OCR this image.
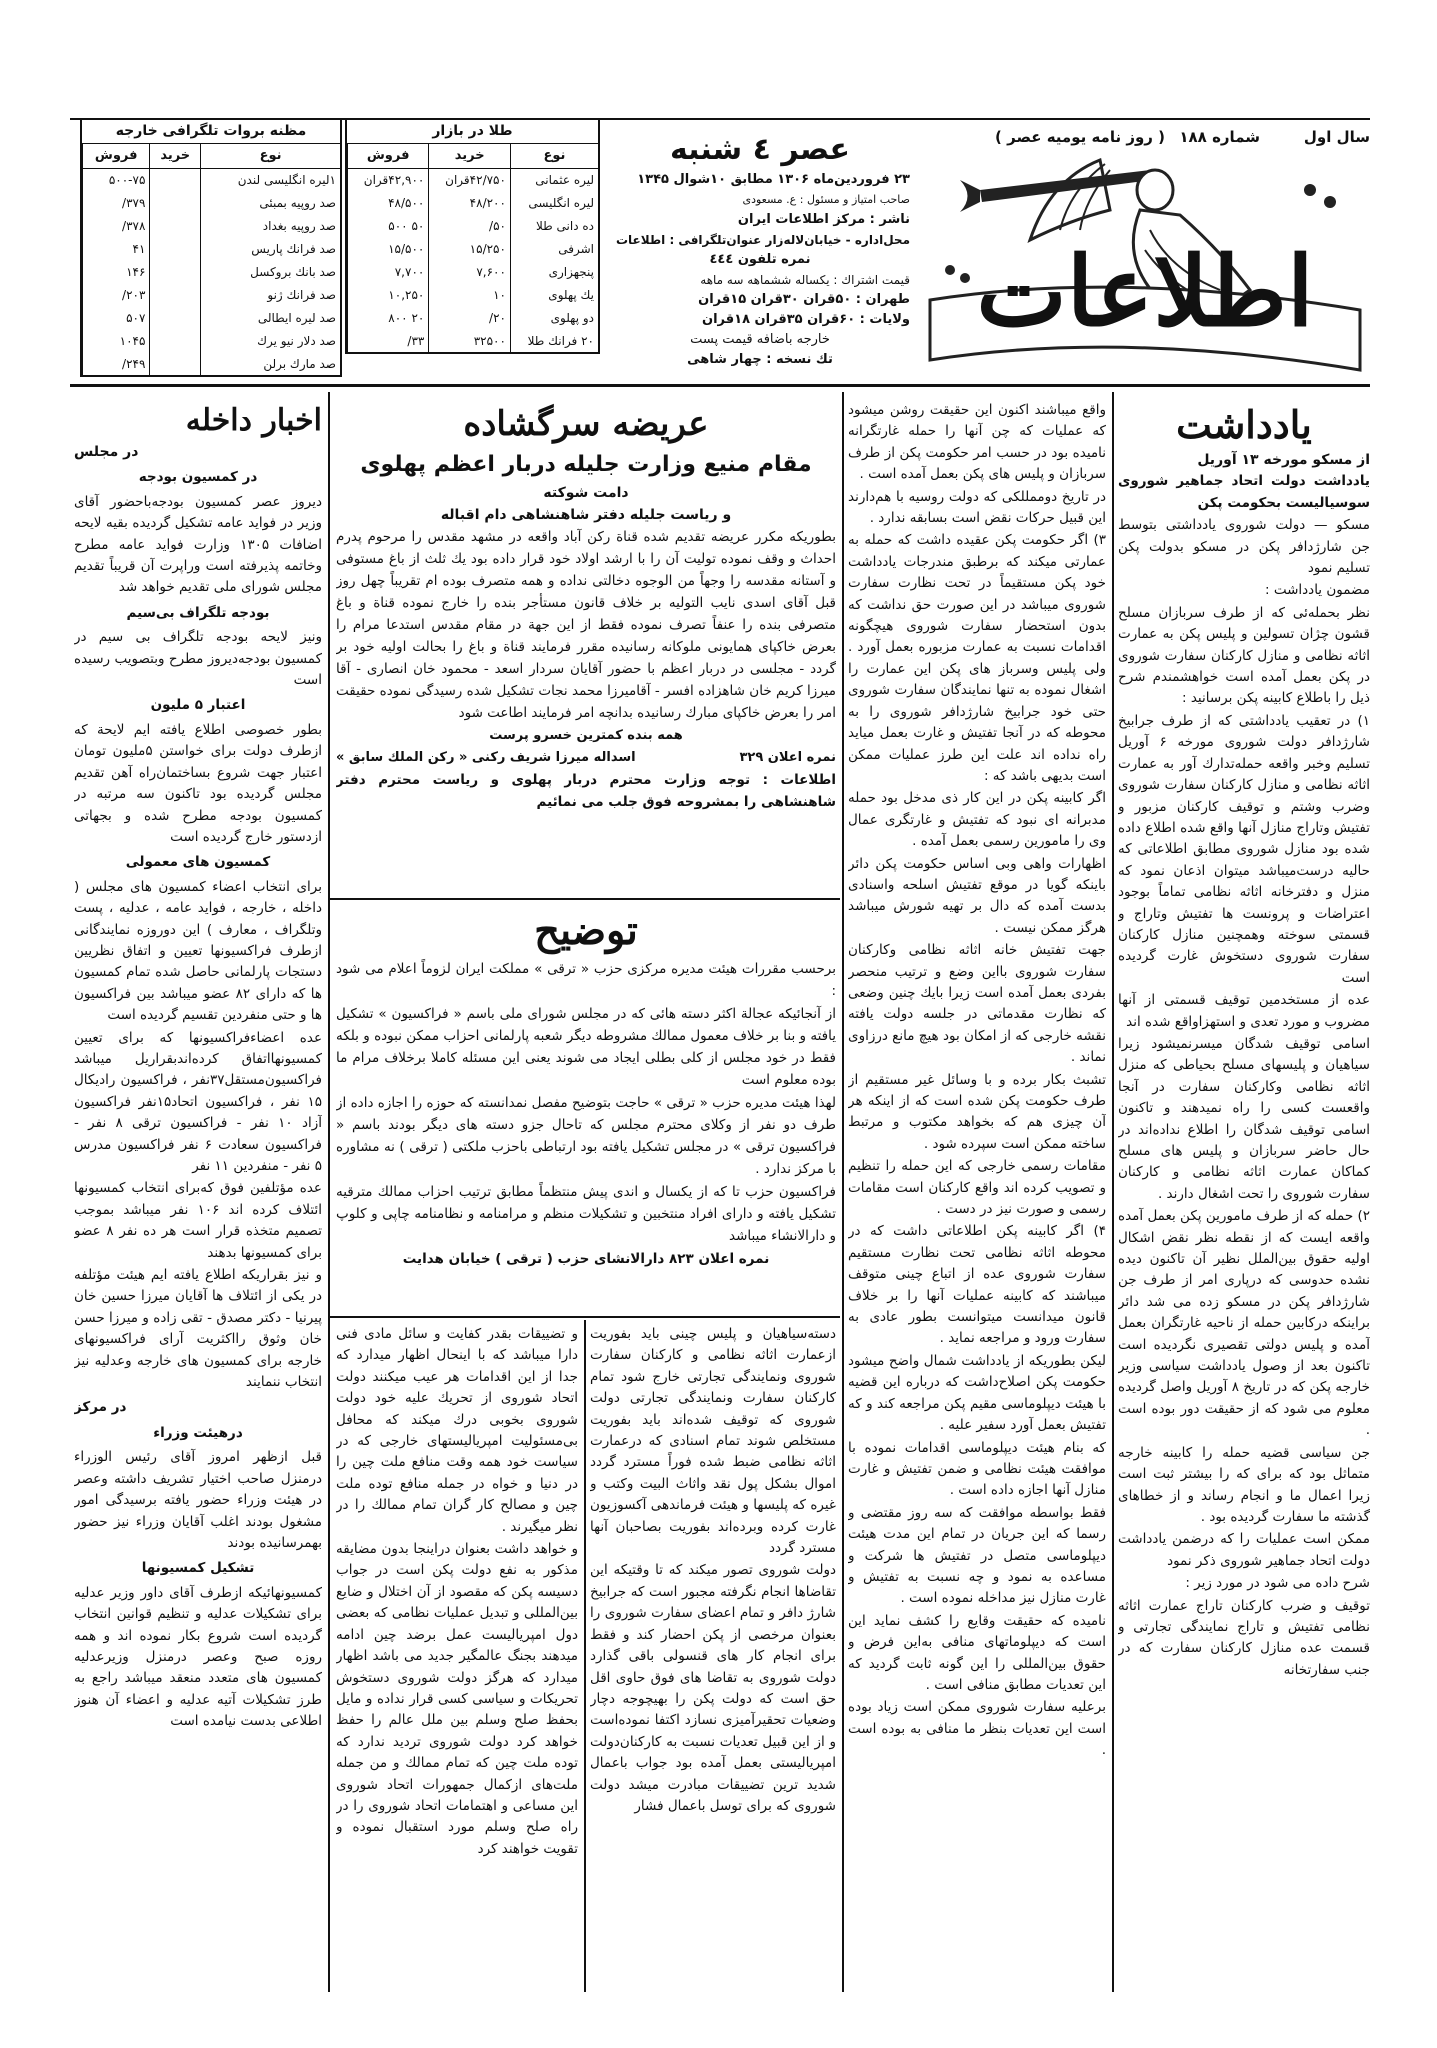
سال اول
شماره ۱۸۸
( روز نامه يوميه عصر )
اطلاعات
عصر ٤ شنبه
۲۳ فروردين‌ماه ۱۳۰۶ مطابق ۱۰شوال ۱۳۴۵
صاحب امتياز و مسئول : ع. مسعودی
ناشر : مركز اطلاعات ايران
محل‌اداره - خيابان‌لاله‌زار عنوان‌تلگرافی : اطلاعات
نمره تلفون ٤٤٤
قيمت اشتراك : يكساله ششماهه سه ماهه
طهران : ۵۰قران ۳۰قران ۱۵قران
ولايات : ۶۰قران ۳۵قران ۱۸قران
خارجه باضافه قيمت پست
تك نسخه : چهار شاهی
طلا در بازار
نوع	خريد	فروش
ليره عثمانی	۴۲/۷۵۰قران	۴۲,۹۰۰قران
ليره انگليسی	۴۸/۲۰۰	۴۸/۵۰۰
ده دانی طلا	۵۰/	۵۰ ۵۰۰
اشرفی	۱۵/۲۵۰	۱۵/۵۰۰
پنجهزاری	۷,۶۰۰	۷,۷۰۰
يك پهلوی	۱۰	۱۰,۲۵۰
دو پهلوی	۲۰/	۲۰ ۸۰۰
۲۰ فرانك طلا	۳۲۵۰۰	۳۳/
مظنه بروات تلگرافی خارجه
نوع	خريد	فروش
۱ليره انگليسی لندن		۵۰۰-۷۵
صد روپيه بمبئی		۳۷۹/
صد روپيه بغداد		۳۷۸/
صد فرانك پاريس		۴۱
صد بانك بروكسل		۱۴۶
صد فرانك ژنو		۲۰۳/
صد ليره ايطالی		۵۰۷
صد دلار نيو يرك		۱۰۴۵
صد مارك برلن		۲۴۹/
يادداشت
از مسكو مورخه ۱۳ آوريل

يادداشت دولت اتحاد جماهير شوروی سوسياليست بحكومت پكن

مسكو — دولت شوروی يادداشتی بتوسط جن شارژدافر پكن در مسكو بدولت پكن تسليم نمود

مضمون يادداشت :

نظر بحمله‌ئی كه از طرف سربازان مسلح قشون چژان تسولين و پليس پكن به عمارت اثاثه نظامی و منازل كاركنان سفارت شوروی در پكن بعمل آمده است خواهشمندم شرح ذيل را باطلاع كابينه پكن برسانيد :

۱) در تعقيب يادداشتی كه از طرف جرابيخ شارژدافر دولت شوروی مورخه ۶ آوريل تسليم وخبر واقعه حمله‌تدارك آور به عمارت اثاثه نظامی و منازل كاركنان سفارت شوروی وضرب وشتم و توقيف كاركنان مزبور و تفتيش وتاراج منازل آنها واقع شده اطلاع داده شده بود منازل شوروی مطابق اطلاعاتی كه حاليه درست‌ميباشد ميتوان اذعان نمود كه منزل و دفترخانه اثاثه نظامی تماماً بوجود اعتراضات و پرونست ها تفتيش وتاراج و قسمتی سوخته وهمچنين منازل كاركنان سفارت شوروی دستخوش غارت گرديده است

عده از مستخدمين توقيف قسمتی از آنها مضروب و مورد تعدی و استهزاواقع شده اند

اسامی توقيف شدگان ميسرنميشود زيرا سياهيان و پليسهای مسلح بحياطی كه منزل اثاثه نظامی وكاركنان سفارت در آنجا واقعست كسی را راه نميدهند و تاكنون اسامی توقيف شدگان را اطلاع نداده‌اند در حال حاضر سربازان و پليس های مسلح كماكان عمارت اثاثه نظامی و كاركنان سفارت شوروی را تحت اشغال دارند .

۲) حمله كه از طرف مامورين پكن بعمل آمده واقعه ايست كه از نقطه نظر نقض اشكال اوليه حقوق بين‌الملل نظير آن تاكنون ديده نشده حدوسی كه درپاری امر از طرف جن شارژدافر پكن در مسكو زده می شد دائر براينكه دركابين حمله از ناحيه غارتگران بعمل آمده و پليس دولتی تقصيری نگرديده است تاكنون بعد از وصول يادداشت سياسی وزير خارجه پكن كه در تاريخ ۸ آوريل واصل گرديده معلوم می شود كه از حقيقت دور بوده است .

جن سياسی قضيه حمله را كابينه خارجه متماثل بود كه برای كه را بيشتر ثبت است زيرا اعمال ما و انجام رساند و از خطاهای گذشته ما سفارت گرديده بود .

ممكن است عمليات را كه درضمن يادداشت دولت اتحاد جماهير شوروی ذکر نمود

شرح داده می شود در مورد زير :

توقيف و ضرب كاركنان تاراج عمارت اثاثه نظامی تفتيش و تاراج نمايندگی تجارتی و قسمت عده منازل كاركنان سفارت كه در جنب سفارتخانه

واقع ميباشند اكنون اين حقيقت روشن ميشود كه عمليات كه چن آنها را حمله غارتگرانه ناميده بود در حسب امر حكومت پكن از طرف سربازان و پليس های پكن بعمل آمده است .

در تاريخ دوممللکی كه دولت روسيه با هم‌دارند اين قبيل حركات نقض است بسابقه ندارد .

۳) اگر حكومت پكن عقيده داشت كه حمله به عمارتی ميكند كه برطبق مندرجات يادداشت خود پكن مستقيماً در تحت نظارت سفارت شوروی ميباشد در اين صورت حق نداشت كه بدون استحضار سفارت شوروی هيچگونه اقدامات نسبت به عمارت مزبوره بعمل آورد . ولی پليس وسرباز های پكن اين عمارت را اشغال نموده به تنها نمايندگان سفارت شوروی حتی خود جرابيخ شارژدافر شوروی را به محوطه كه در آنجا تفتيش و غارت بعمل ميايد راه نداده اند علت اين طرز عمليات ممكن است بديهی باشد كه :

اگر كابينه پكن در اين كار ذی مدخل بود حمله مدبرانه ای نبود كه تفتيش و غارتگری عمال وی را مامورين رسمی بعمل آمده .

اظهارات واهی وبی اساس حكومت پكن دائر باينكه گويا در موقع تفتيش اسلحه واسنادی بدست آمده كه دال بر تهيه شورش ميباشد هرگز ممكن نيست .

جهت تفتيش خانه اثاثه نظامی وكاركنان سفارت شوروی بااين وضع و ترتيب منحصر بفردی بعمل آمده است زيرا بايك چنين وضعی كه نظارت مقدماتی در جلسه دولت يافته نقشه خارجی كه از امكان بود هيچ مانع درزاوی نماند .

تشبث بكار برده و با وسائل غير مستقيم از طرف حكومت پكن شده است كه از اينكه هر آن چيزی هم كه بخواهد مكتوب و مرتبط ساخته ممكن است سپرده شود .

مقامات رسمی خارجی كه اين حمله را تنظيم و تصويب كرده اند واقع كاركنان است مقامات رسمی و صورت نيز در دست .

۴) اگر كابينه پكن اطلاعاتی داشت كه در محوطه اثاثه نظامی تحت نظارت مستقيم سفارت شوروی عده از اتباع چينی متوقف ميباشند كه كابينه عمليات آنها را بر خلاف قانون ميدانست ميتوانست بطور عادی به سفارت ورود و مراجعه نمايد .

ليكن بطوريكه از يادداشت شمال واضح ميشود حكومت پكن اصلاح‌داشت كه درباره اين قضيه با هيئت ديپلوماسی مقيم پكن مراجعه كند و كه تفتيش بعمل آورد سفير عليه .

كه بنام هيئت ديپلوماسی اقدامات نموده با موافقت هيئت نظامی و ضمن تفتيش و غارت منازل آنها اجازه داده است .

فقط بواسطه موافقت كه سه روز مقتضی و رسما كه اين جريان در تمام اين مدت هيئت ديپلوماسی متصل در تفتيش ها شركت و مساعده به نمود و چه نسبت به تفتيش و غارت منازل نيز مداخله نموده است .

ناميده كه حقيقت وقايع را كشف نمايد اين است كه ديپلوماتهای منافی به‌اين فرض و حقوق بين‌المللی را اين گونه ثابت گرديد كه اين تعديات مطابق منافی است .

برعليه سفارت شوروی ممكن است زياد بوده است اين تعديات بنظر ما منافی به بوده است .

عريضه سرگشاده
مقام منيع وزارت جليله دربار اعظم پهلوی
دامت شوكته
و رياست جليله دفتر شاهنشاهی دام اقباله

بطوريكه مكرر عريضه تقديم شده قناة ركن آباد واقعه در مشهد مقدس را مرحوم پدرم احداث و وقف نموده توليت آن را با ارشد اولاد خود قرار داده بود يك ثلث از باغ مستوفی و آستانه مقدسه را وجهاً من الوجوه دخالتی نداده و همه متصرف بوده ام تقريباً چهل روز قبل آقای اسدی نايب التوليه بر خلاف قانون مستأجر بنده را خارج نموده قناة و باغ متصرفی بنده را عنفاً تصرف نموده فقط از اين جهة در مقام مقدس استدعا مرام را بعرض خاكپای همايونی ملوكانه رسانيده مقرر فرمايند قناة و باغ را بحالت اوليه خود بر گردد - مجلسی در دربار اعظم با حضور آقايان سردار اسعد - محمود خان انصاری - آقا ميرزا كريم خان شاهزاده افسر - آقاميرزا محمد نجات تشكيل شده رسيدگی نموده حقيقت امر را بعرض خاكپای مبارك رسانيده بدانچه امر فرمايند اطاعت شود

همه بنده كمترين خسرو پرست
نمره اعلان ۳۲۹
اسداله ميرزا شريف ركنی « ركن الملك سابق »

اطلاعات : توجه وزارت محترم دربار پهلوی و رياست محترم دفتر شاهنشاهی را بمشروحه فوق جلب می نمائيم

توضيح

برحسب مقررات هيئت مديره مركزی حزب « ترقی » مملكت ايران لزوماً اعلام می شود :

از آنجائيكه عجالة اكثر دسته هائی كه در مجلس شورای ملی باسم « فراكسيون » تشكيل يافته و بنا بر خلاف معمول ممالك مشروطه ديگر شعبه پارلمانی احزاب ممكن نبوده و بلكه فقط در خود مجلس از كلی بطلی ايجاد می شوند يعنی اين مسئله كاملا برخلاف مرام ما بوده معلوم است

لهذا هيئت مديره حزب « ترقی » حاجت بتوضيح مفصل نمدانسته كه حوزه را اجازه داده از طرف دو نفر از وكلای محترم مجلس كه تاحال جزو دسته های ديگر بودند باسم « فراكسيون ترقی » در مجلس تشكيل يافته بود ارتباطی باحزب ملكتی ( ترقی ) نه مشاوره با مركز ندارد .

فراكسيون حزب تا كه از يكسال و اندی پيش منتظماً مطابق ترتيب احزاب ممالك مترقيه تشكيل يافته و دارای افراد منتخبين و تشكيلات منظم و مرامنامه و نظامنامه چاپی و كلوپ و دارالانشاء ميباشد

نمره اعلان ۸۲۳ دارالانشای حزب ( ترقی ) خيابان هدايت

دسته‌سياهيان و پليس چينی بايد بفوريت ازعمارت اثاثه نظامی و كاركنان سفارت شوروی ونمايندگی تجارتی خارج شود تمام كاركنان سفارت ونمايندگی تجارتی دولت شوروی كه توقيف شده‌اند بايد بفوريت مستخلص شوند تمام اسنادی كه درعمارت اثاثه نظامی ضبط شده فوراً مسترد گردد اموال بشكل پول نقد واثاث البيت وكتب و غيره كه پليسها و هيئت فرماندهی آكسوزيون غارت كرده وبرده‌اند بفوريت بصاحبان آنها مسترد گردد

دولت شوروی تصور ميكند كه تا وقتيكه اين تقاضاها انجام نگرفته مجبور است كه جرابيخ شارژ دافر و تمام اعضای سفارت شوروی را بعنوان مرخصی از پكن احضار كند و فقط برای انجام كار های قنسولی باقی گذارد دولت شوروی به تقاضا های فوق حاوی اقل حق است كه دولت پكن را بهيچوجه دچار وضعيات تحقيرآميزی نسازد اكتفا نموده‌است و از اين قبيل تعديات نسبت به كاركنان‌دولت امپرياليستی بعمل آمده بود جواب باعمال شديد ترين تضييقات مبادرت ميشد دولت شوروی كه برای توسل باعمال فشار

و تضييقات بقدر كفايت و سائل مادی فنی دارا ميباشد كه با اينحال اظهار ميدارد كه جدا از اين اقدامات هر عيب ميكنند دولت اتحاد شوروی از تحريك عليه خود دولت شوروی بخوبی درك ميكند كه محافل بی‌مسئوليت امپرياليستهای خارجی كه در سياست خود همه وقت منافع ملت چين را در دنيا و خواه در جمله منافع توده ملت چين و مصالح كار گران تمام ممالك را در نظر ميگيرند .

و خواهد داشت بعنوان دراينجا بدون مضايقه مذكور به نفع دولت پكن است در جواب دسيسه پكن كه مقصود از آن اختلال و ضايع بين‌المللی و تبديل عمليات نظامی كه بعضی دول امپرياليست عمل برضد چين ادامه ميدهند بجنگ عالمگير جديد می باشد اظهار ميدارد كه هرگز دولت شوروی دستخوش تحريكات و سياسی كسی قرار نداده و مايل بحفظ صلح وسلم بين ملل عالم را حفظ خواهد كرد دولت شوروی ترديد ندارد كه توده ملت چين كه تمام ممالك و من جمله ملت‌های ازكمال جمهورات اتحاد شوروی اين مساعی و اهتمامات اتحاد شوروی را در راه صلح وسلم مورد استقبال نموده و تقويت خواهند كرد

اخبار داخله
در مجلس
در كمسيون بودجه

ديروز عصر كمسيون بودجه‌باحضور آقای وزير در فوايد عامه تشكيل گرديده بقيه لايحه اضافات ۱۳۰۵ وزارت فوايد عامه مطرح وخاتمه پذيرفته است وراپرت آن قريباً تقديم مجلس شورای ملی تقديم خواهد شد

بودجه تلگراف بی‌سيم

ونيز لايحه بودجه تلگراف بی سيم در كمسيون بودجه‌ديروز مطرح وبتصويب رسيده است

اعتبار ۵ مليون

بطور خصوصی اطلاع يافته ايم لايحة كه ازطرف دولت برای خواستن ۵مليون تومان اعتبار جهت شروع بساختمان‌راه آهن تقديم مجلس گرديده بود تاكنون سه مرتبه در كمسيون بودجه مطرح شده و بجهاتی ازدستور خارج گرديده است

كمسيون های معمولی

برای انتخاب اعضاء كمسيون های مجلس ( داخله ، خارجه ، فوايد عامه ، عدليه ، پست وتلگراف ، معارف ) اين دوروزه نمايندگانی ازطرف فراكسيونها تعيين و اتفاق نظريين دستجات پارلمانی حاصل شده تمام كمسيون ها كه دارای ۸۲ عضو ميباشد بين فراكسيون ها و حتی منفردين تقسيم گرديده است

عده اعضاءفراكسيونها كه برای تعيين كمسيونهااتفاق كرده‌اندبقراريل ميباشد فراكسيون‌مستقل‌۳۷نفر ، فراكسيون راديكال ۱۵ نفر ، فراكسيون اتحاد۱۵نفر فراكسيون آزاد ۱۰ نفر - فراكسيون ترقی ۸ نفر - فراكسيون سعادت ۶ نفر فراكسيون مدرس ۵ نفر - منفردين ۱۱ نفر

عده مؤتلفين فوق كه‌برای انتخاب كمسيونها ائتلاف كرده اند ۱۰۶ نفر ميباشد بموجب تصميم متخذه قرار است هر ده نفر ۸ عضو برای كمسيونها بدهند

و نيز بقراريكه اطلاع يافته ايم هيئت مؤتلفه در يكی از ائتلاف ها آقايان ميرزا حسين خان پيرنيا - دكتر مصدق - تقی زاده و ميرزا حسن خان وثوق رااكثريت آرای فراكسيونهای خارجه برای كمسيون های خارجه وعدليه نيز انتخاب ننمايند

در مركز
درهيئت وزراء

قبل ازظهر امروز آقای رئيس الوزراء درمنزل صاحب اختيار تشريف داشته وعصر در هيئت وزراء حضور يافته برسيدگی امور مشغول بودند اغلب آقايان وزراء نيز حضور بهمرسانيده بودند

تشكيل كمسيونها

كمسيونهائيكه ازطرف آقای داور وزير عدليه برای تشكيلات عدليه و تنظيم قوانين انتخاب گرديده است شروع بكار نموده اند و همه روزه صبح وعصر درمنزل وزيرعدليه كمسيون های متعدد منعقد ميباشد راجع به طرز تشكيلات آتيه عدليه و اعضاء آن هنوز اطلاعی بدست نيامده است
